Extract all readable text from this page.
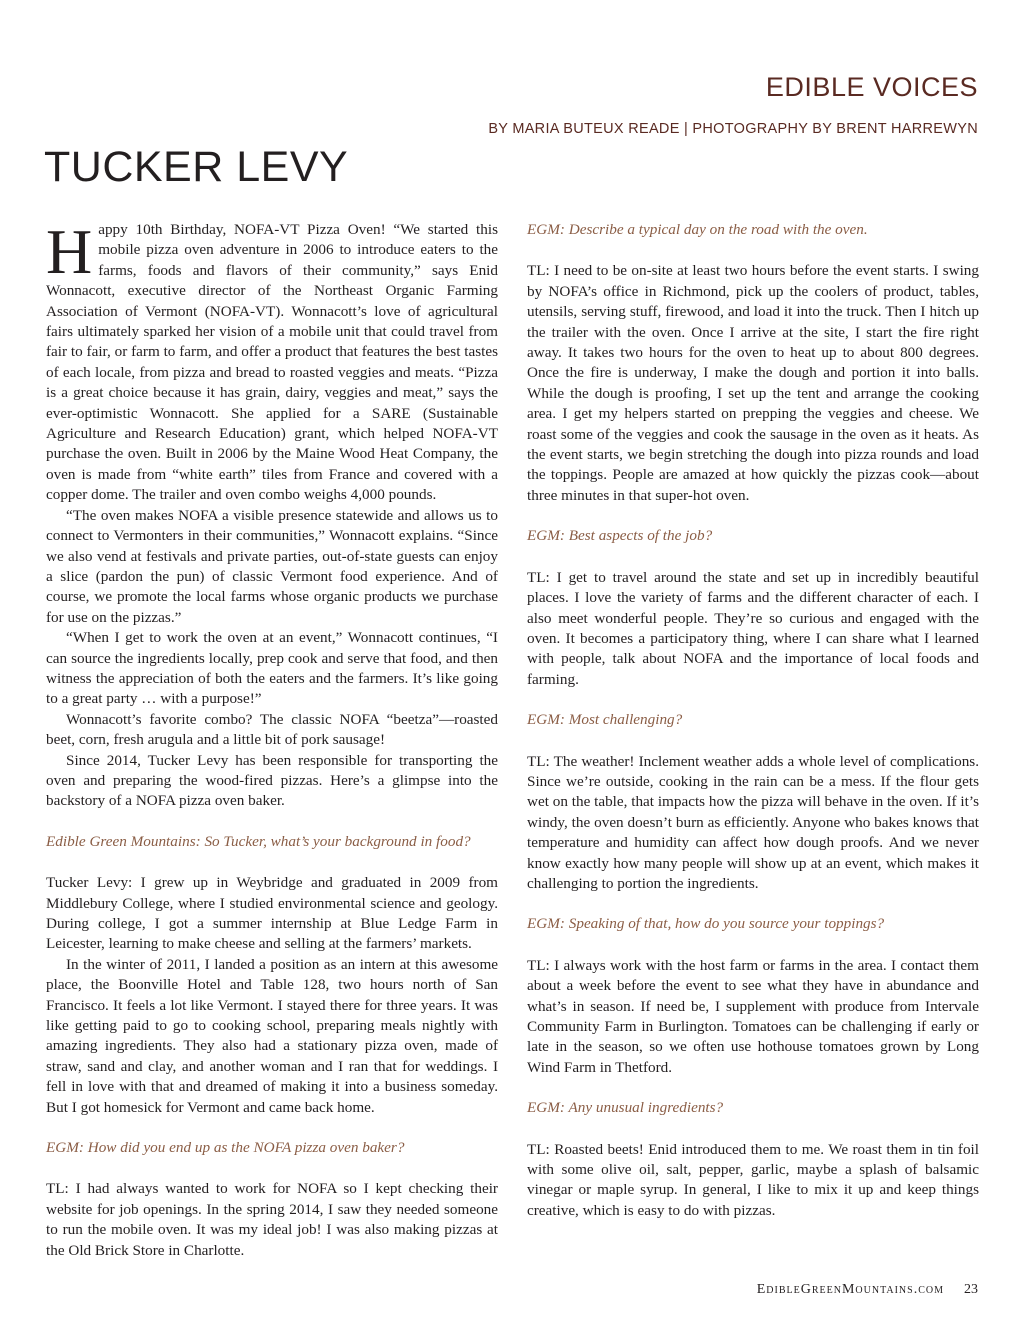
EDIBLE VOICES
BY MARIA BUTEUX READE | PHOTOGRAPHY BY BRENT HARREWYN
TUCKER LEVY

Happy 10th Birthday, NOFA-VT Pizza Oven! “We started this mobile pizza oven adventure in 2006 to introduce eaters to the farms, foods and flavors of their community,” says Enid Wonnacott, executive director of the Northeast Organic Farming Association of Vermont (NOFA-VT). Wonnacott’s love of agricultural fairs ultimately sparked her vision of a mobile unit that could travel from fair to fair, or farm to farm, and offer a product that features the best tastes of each locale, from pizza and bread to roasted veggies and meats. “Pizza is a great choice because it has grain, dairy, veggies and meat,” says the ever-optimistic Wonnacott. She applied for a SARE (Sustainable Agriculture and Research Education) grant, which helped NOFA-VT purchase the oven. Built in 2006 by the Maine Wood Heat Company, the oven is made from “white earth” tiles from France and covered with a copper dome. The trailer and oven combo weighs 4,000 pounds.

“The oven makes NOFA a visible presence statewide and allows us to connect to Vermonters in their communities,” Wonnacott explains. “Since we also vend at festivals and private parties, out-of-state guests can enjoy a slice (pardon the pun) of classic Vermont food experience. And of course, we promote the local farms whose organic products we purchase for use on the pizzas.”

“When I get to work the oven at an event,” Wonnacott continues, “I can source the ingredients locally, prep cook and serve that food, and then witness the appreciation of both the eaters and the farmers. It’s like going to a great party … with a purpose!”

Wonnacott’s favorite combo? The classic NOFA “beetza”—roasted beet, corn, fresh arugula and a little bit of pork sausage!

Since 2014, Tucker Levy has been responsible for transporting the oven and preparing the wood-fired pizzas. Here’s a glimpse into the backstory of a NOFA pizza oven baker.

Edible Green Mountains: So Tucker, what’s your background in food?

Tucker Levy: I grew up in Weybridge and graduated in 2009 from Middlebury College, where I studied environmental science and geology. During college, I got a summer internship at Blue Ledge Farm in Leicester, learning to make cheese and selling at the farmers’ markets.

In the winter of 2011, I landed a position as an intern at this awesome place, the Boonville Hotel and Table 128, two hours north of San Francisco. It feels a lot like Vermont. I stayed there for three years. It was like getting paid to go to cooking school, preparing meals nightly with amazing ingredients. They also had a stationary pizza oven, made of straw, sand and clay, and another woman and I ran that for weddings. I fell in love with that and dreamed of making it into a business someday. But I got homesick for Vermont and came back home.

EGM: How did you end up as the NOFA pizza oven baker?

TL: I had always wanted to work for NOFA so I kept checking their website for job openings. In the spring 2014, I saw they needed someone to run the mobile oven. It was my ideal job! I was also making pizzas at the Old Brick Store in Charlotte.

EGM: Describe a typical day on the road with the oven.

TL: I need to be on-site at least two hours before the event starts. I swing by NOFA’s office in Richmond, pick up the coolers of product, tables, utensils, serving stuff, firewood, and load it into the truck. Then I hitch up the trailer with the oven. Once I arrive at the site, I start the fire right away. It takes two hours for the oven to heat up to about 800 degrees. Once the fire is underway, I make the dough and portion it into balls. While the dough is proofing, I set up the tent and arrange the cooking area. I get my helpers started on prepping the veggies and cheese. We roast some of the veggies and cook the sausage in the oven as it heats. As the event starts, we begin stretching the dough into pizza rounds and load the toppings. People are amazed at how quickly the pizzas cook—about three minutes in that super-hot oven.

EGM: Best aspects of the job?

TL: I get to travel around the state and set up in incredibly beautiful places. I love the variety of farms and the different character of each. I also meet wonderful people. They’re so curious and engaged with the oven. It becomes a participatory thing, where I can share what I learned with people, talk about NOFA and the importance of local foods and farming.

EGM: Most challenging?

TL: The weather! Inclement weather adds a whole level of complications. Since we’re outside, cooking in the rain can be a mess. If the flour gets wet on the table, that impacts how the pizza will behave in the oven. If it’s windy, the oven doesn’t burn as efficiently. Anyone who bakes knows that temperature and humidity can affect how dough proofs. And we never know exactly how many people will show up at an event, which makes it challenging to portion the ingredients.

EGM: Speaking of that, how do you source your toppings?

TL: I always work with the host farm or farms in the area. I contact them about a week before the event to see what they have in abundance and what’s in season. If need be, I supplement with produce from Intervale Community Farm in Burlington. Tomatoes can be challenging if early or late in the season, so we often use hothouse tomatoes grown by Long Wind Farm in Thetford.

EGM: Any unusual ingredients?

TL: Roasted beets! Enid introduced them to me. We roast them in tin foil with some olive oil, salt, pepper, garlic, maybe a splash of balsamic vinegar or maple syrup. In general, I like to mix it up and keep things creative, which is easy to do with pizzas.

EdibleGreenMountains.com 23
